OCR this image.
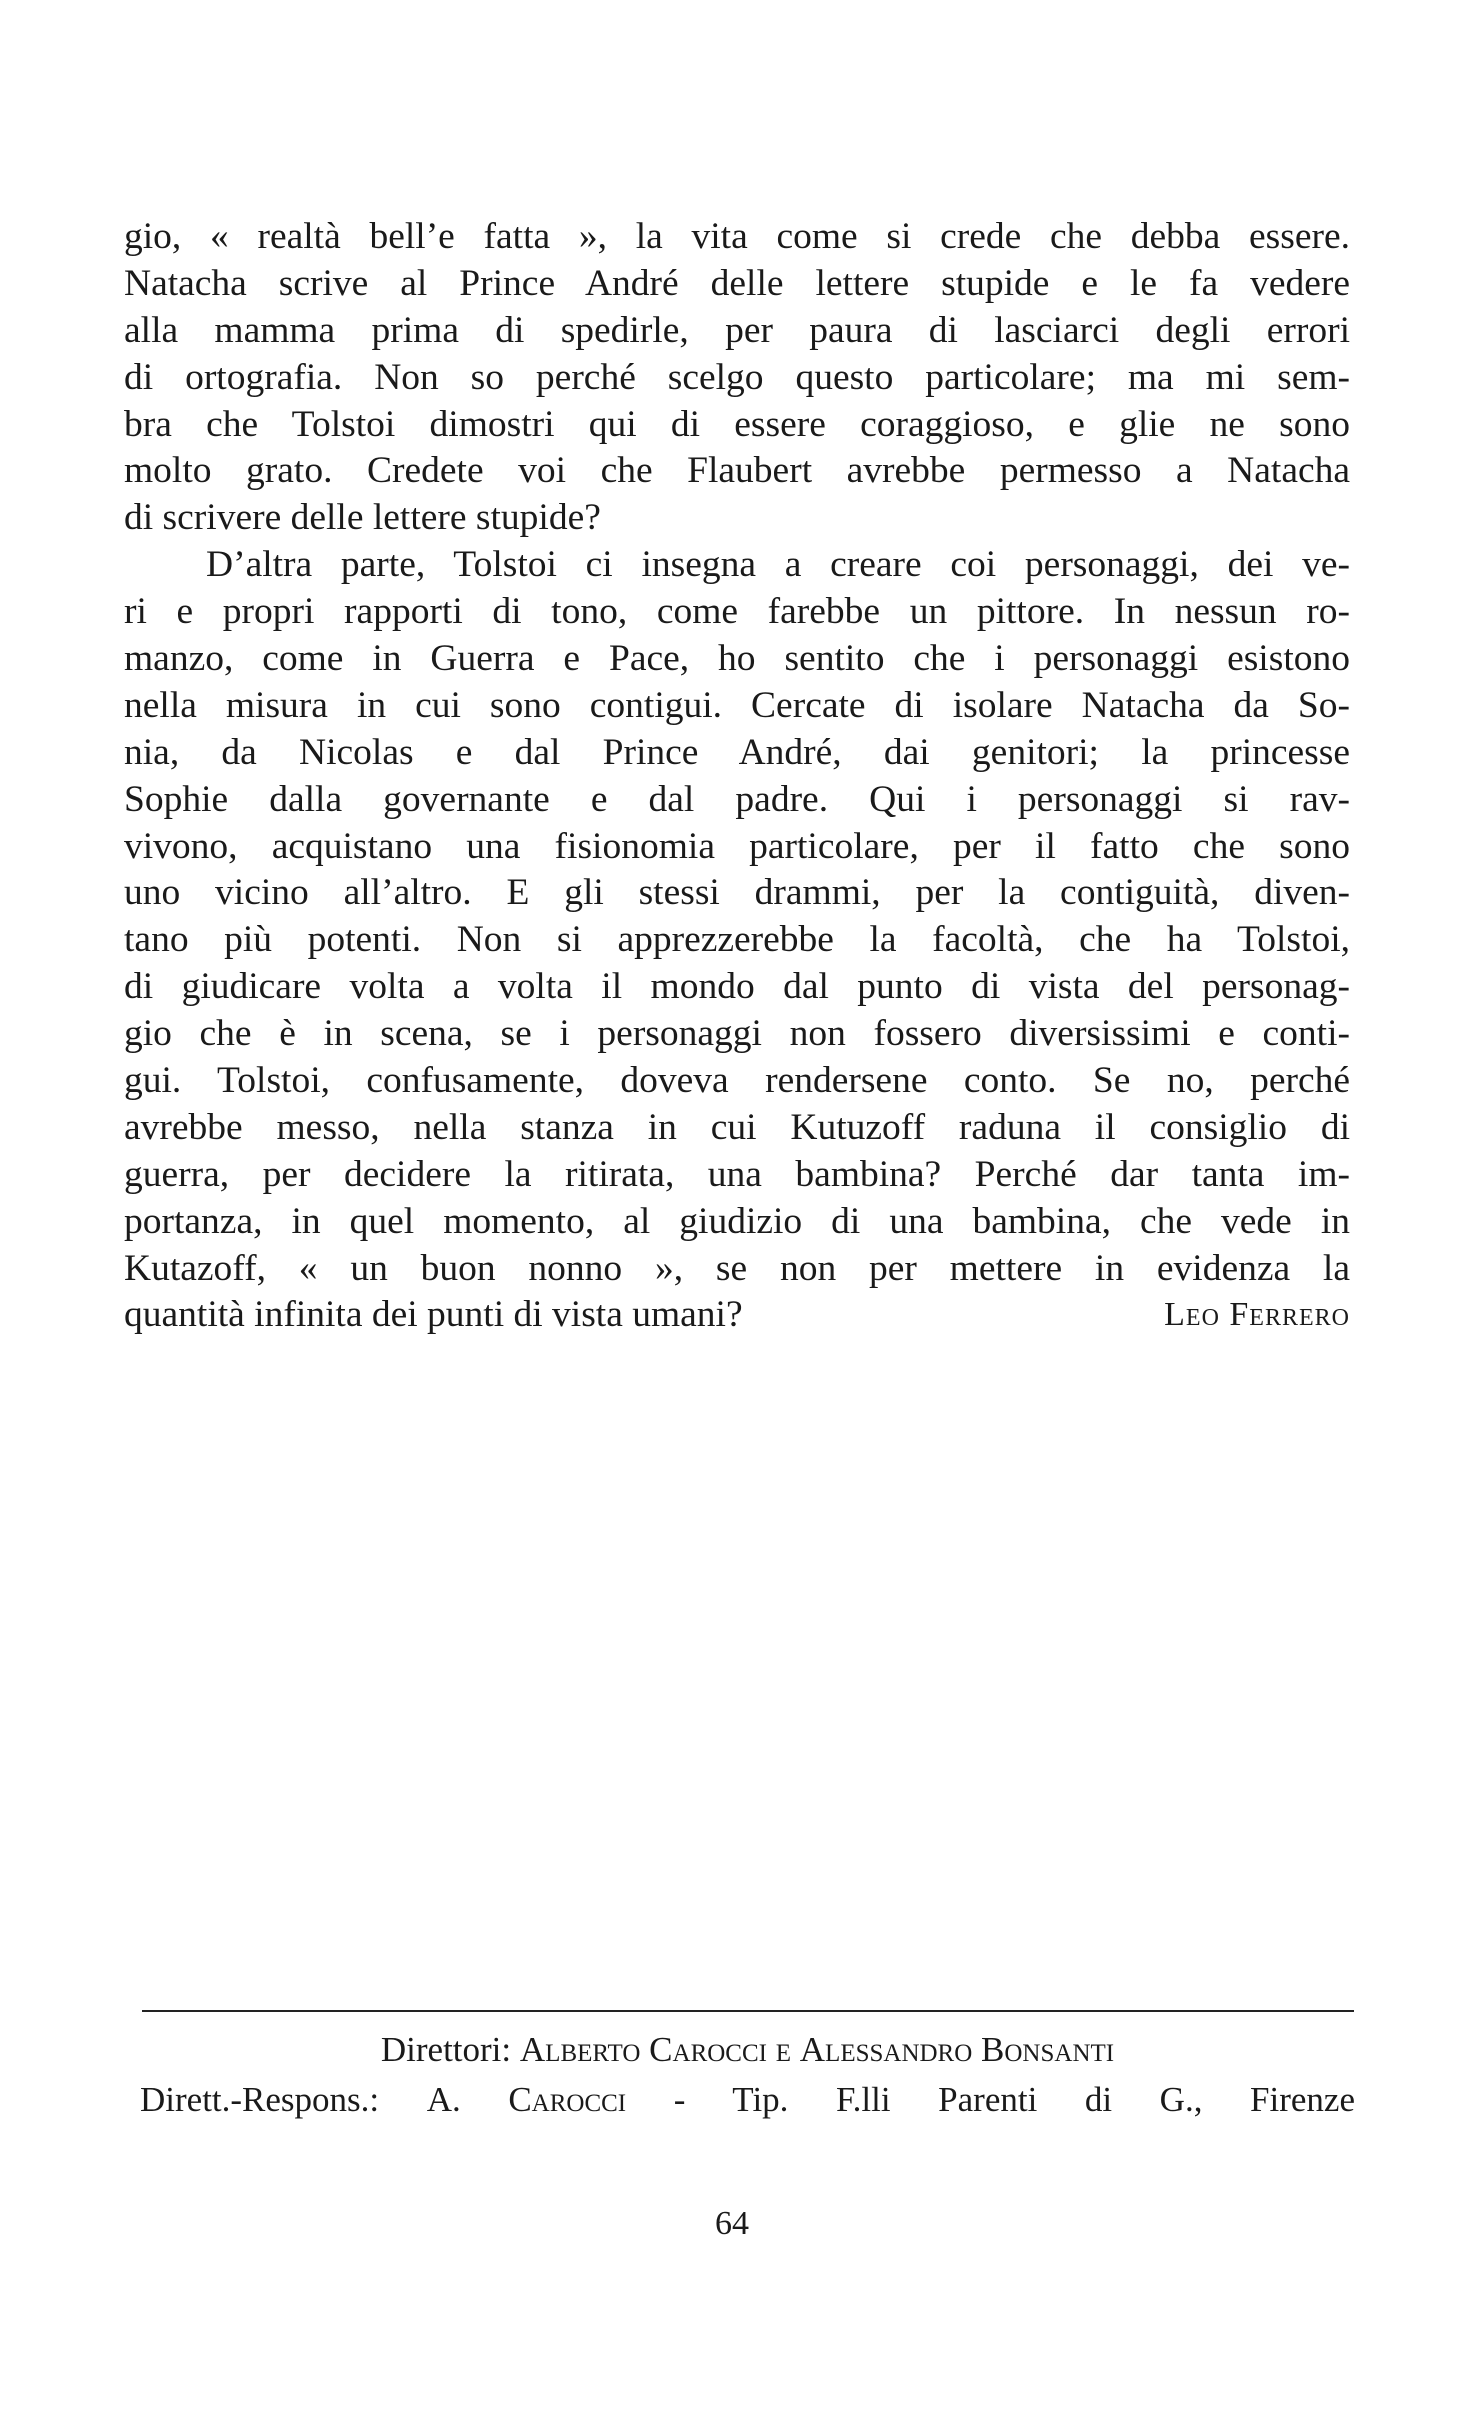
gio, « realtà bell’e fatta », la vita come si crede che debba essere.
Natacha scrive al Prince André delle lettere stupide e le fa vedere
alla mamma prima di spedirle, per paura di lasciarci degli errori
di ortografia. Non so perché scelgo questo particolare; ma mi sem-
bra che Tolstoi dimostri qui di essere coraggioso, e glie ne sono
molto grato. Credete voi che Flaubert avrebbe permesso a Natacha
di scrivere delle lettere stupide?
D’altra parte, Tolstoi ci insegna a creare coi personaggi, dei ve-
ri e propri rapporti di tono, come farebbe un pittore. In nessun ro-
manzo, come in Guerra e Pace, ho sentito che i personaggi esistono
nella misura in cui sono contigui. Cercate di isolare Natacha da So-
nia, da Nicolas e dal Prince André, dai genitori; la princesse
Sophie dalla governante e dal padre. Qui i personaggi si rav-
vivono, acquistano una fisionomia particolare, per il fatto che sono
uno vicino all’altro. E gli stessi drammi, per la contiguità, diven-
tano più potenti. Non si apprezzerebbe la facoltà, che ha Tolstoi,
di giudicare volta a volta il mondo dal punto di vista del personag-
gio che è in scena, se i personaggi non fossero diversissimi e conti-
gui. Tolstoi, confusamente, doveva rendersene conto. Se no, perché
avrebbe messo, nella stanza in cui Kutuzoff raduna il consiglio di
guerra, per decidere la ritirata, una bambina? Perché dar tanta im-
portanza, in quel momento, al giudizio di una bambina, che vede in
Kutazoff, « un buon nonno », se non per mettere in evidenza la
quantità infinita dei punti di vista umani?	Leo Ferrero
Direttori: Alberto Carocci e Alessandro Bonsanti
Dirett.-Respons.: A. Carocci - Tip. F.lli Parenti di G., Firenze
64
